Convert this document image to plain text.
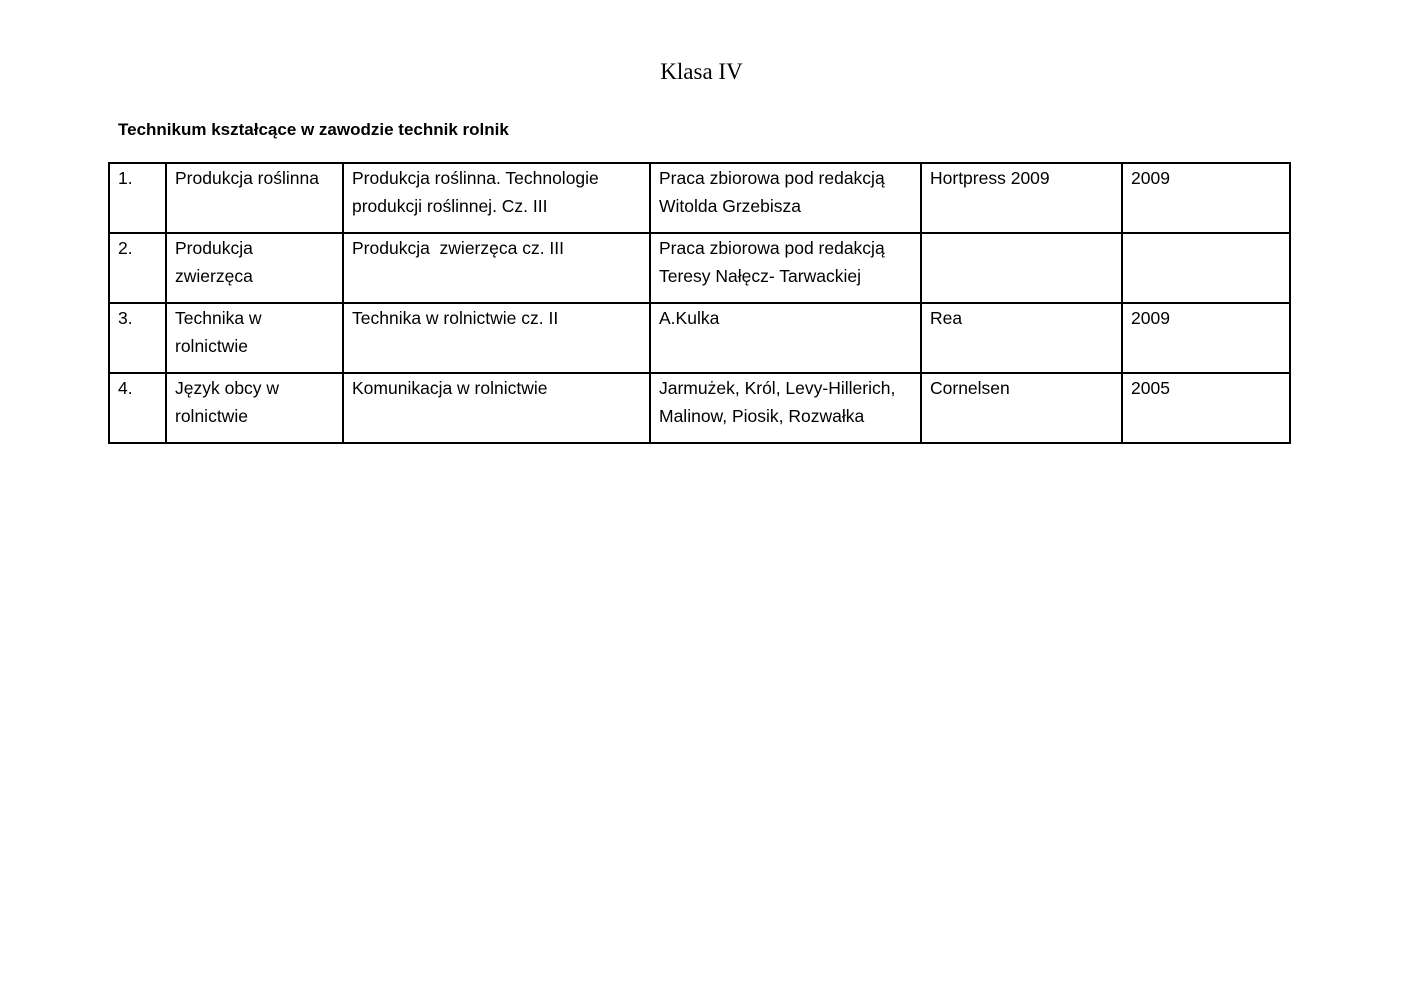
Klasa IV
Technikum kształcące w zawodzie technik rolnik
1.	Produkcja roślinna	Produkcja roślinna. Technologie produkcji roślinnej. Cz. III	Praca zbiorowa pod redakcją Witolda Grzebisza	Hortpress 2009	2009
2.	Produkcja zwierzęca	Produkcja  zwierzęca cz. III	Praca zbiorowa pod redakcją Teresy Nałęcz- Tarwackiej		
3.	Technika w rolnictwie	Technika w rolnictwie cz. II	A.Kulka	Rea	2009
4.	Język obcy w rolnictwie	Komunikacja w rolnictwie	Jarmużek, Król, Levy-Hillerich, Malinow, Piosik, Rozwałka	Cornelsen	2005
